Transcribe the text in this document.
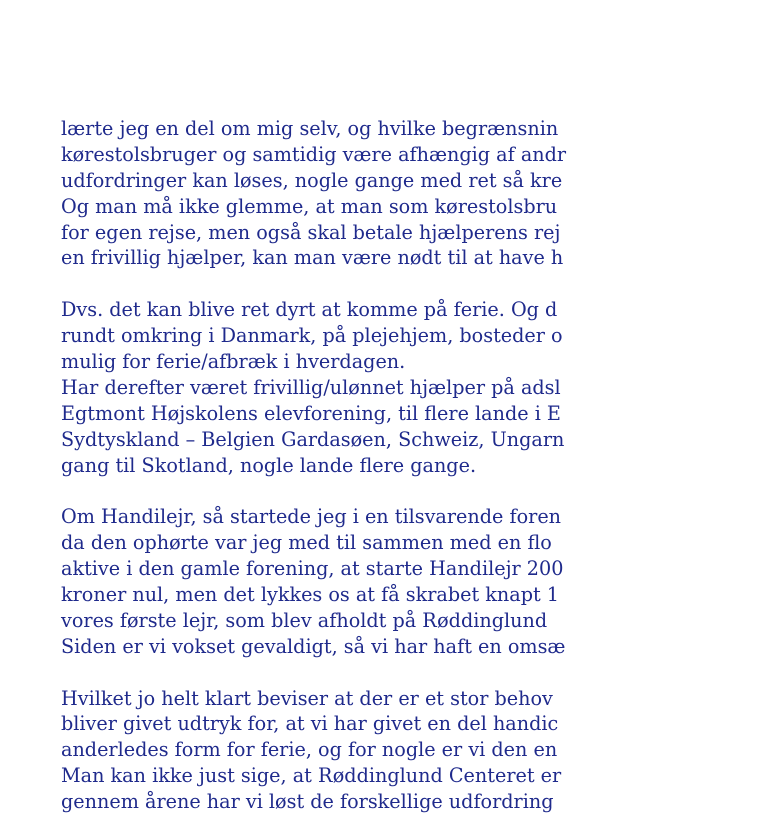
lærte jeg en del om mig selv, og hvilke begrænsnin
kørestolsbruger og samtidig være afhængig af andr
udfordringer kan løses, nogle gange med ret så kre
Og man må ikke glemme, at man som kørestolsbru
for egen rejse, men også skal betale hjælperens rej
en frivillig hjælper, kan man være nødt til at have h
Dvs. det kan blive ret dyrt at komme på ferie. Og d
rundt omkring i Danmark, på plejehjem, bosteder o
mulig for ferie/afbræk i hverdagen.
Har derefter været frivillig/ulønnet hjælper på adsl
Egtmont Højskolens elevforening, til flere lande i E
Sydtyskland – Belgien Gardasøen, Schweiz, Ungarn
gang til Skotland, nogle lande flere gange.
Om Handilejr, så startede jeg i en tilsvarende foren
da den ophørte var jeg med til sammen med en flo
aktive i den gamle forening, at starte Handilejr 200
kroner nul, men det lykkes os at få skrabet knapt 1
vores første lejr, som blev afholdt på Røddinglund
Siden er vi vokset gevaldigt, så vi har haft en omsæ
Hvilket jo helt klart beviser at der er et stor behov
bliver givet udtryk for, at vi har givet en del handic
anderledes form for ferie, og for nogle er vi den en
Man kan ikke just sige, at Røddinglund Centeret er
gennem årene har vi løst de forskellige udfordring
